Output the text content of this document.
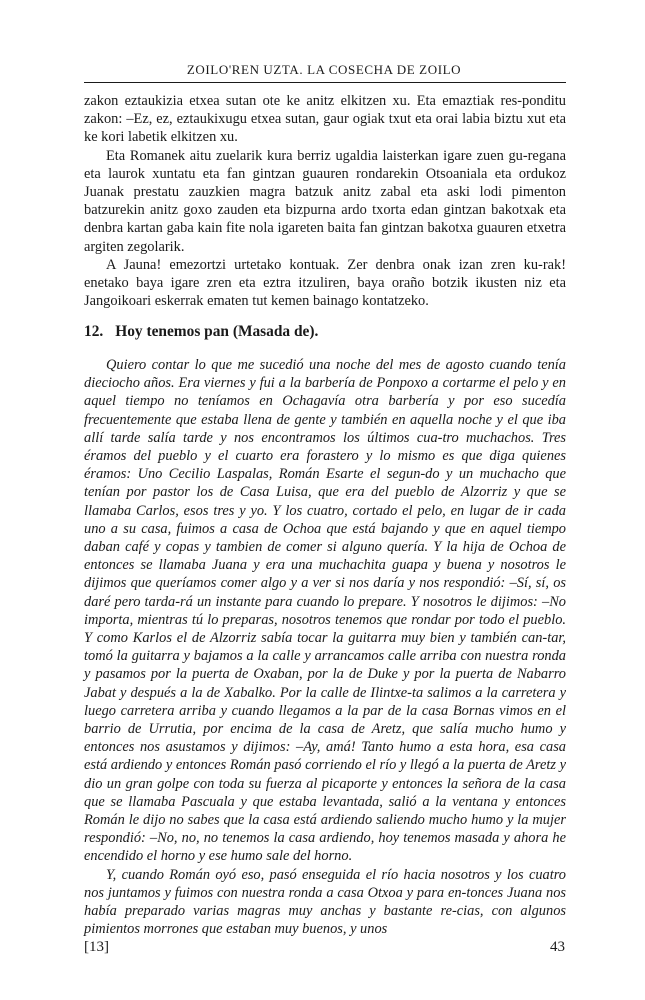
ZOILO'REN UZTA. LA COSECHA DE ZOILO

zakon eztaukizia etxea sutan ote ke anitz elkitzen xu. Eta emaztiak res-ponditu zakon: –Ez, ez, eztaukixugu etxea sutan, gaur ogiak txut eta orai labia biztu xut eta ke kori labetik elkitzen xu.

Eta Romanek aitu zuelarik kura berriz ugaldia laisterkan igare zuen gu-regana eta laurok xuntatu eta fan gintzan guauren rondarekin Otsoaniala eta ordukoz Juanak prestatu zauzkien magra batzuk anitz zabal eta aski lodi pimenton batzurekin anitz goxo zauden eta bizpurna ardo txorta edan gintzan bakotxak eta denbra kartan gaba kain fite nola igareten baita fan gintzan bakotxa guauren etxetra argiten zegolarik.

A Jauna! emezortzi urtetako kontuak. Zer denbra onak izan zren ku-rak! enetako baya igare zren eta eztra itzuliren, baya oraño botzik ikusten niz eta Jangoikoari eskerrak ematen tut kemen bainago kontatzeko.

12. Hoy tenemos pan (Masada de).

Quiero contar lo que me sucedió una noche del mes de agosto cuando tenía dieciocho años. Era viernes y fui a la barbería de Ponpoxo a cortarme el pelo y en aquel tiempo no teníamos en Ochagavía otra barbería y por eso sucedía frecuentemente que estaba llena de gente y también en aquella noche y el que iba allí tarde salía tarde y nos encontramos los últimos cua-tro muchachos. Tres éramos del pueblo y el cuarto era forastero y lo mismo es que diga quienes éramos: Uno Cecilio Laspalas, Román Esarte el segun-do y un muchacho que tenían por pastor los de Casa Luisa, que era del pueblo de Alzorriz y que se llamaba Carlos, esos tres y yo. Y los cuatro, cortado el pelo, en lugar de ir cada uno a su casa, fuimos a casa de Ochoa que está bajando y que en aquel tiempo daban café y copas y tambien de comer si alguno quería. Y la hija de Ochoa de entonces se llamaba Juana y era una muchachita guapa y buena y nosotros le dijimos que queríamos comer algo y a ver si nos daría y nos respondió: –Sí, sí, os daré pero tarda-rá un instante para cuando lo prepare. Y nosotros le dijimos: –No importa, mientras tú lo preparas, nosotros tenemos que rondar por todo el pueblo. Y como Karlos el de Alzorriz sabía tocar la guitarra muy bien y también can-tar, tomó la guitarra y bajamos a la calle y arrancamos calle arriba con nuestra ronda y pasamos por la puerta de Oxaban, por la de Duke y por la puerta de Nabarro Jabat y después a la de Xabalko. Por la calle de Ilintxe-ta salimos a la carretera y luego carretera arriba y cuando llegamos a la par de la casa Bornas vimos en el barrio de Urrutia, por encima de la casa de Aretz, que salía mucho humo y entonces nos asustamos y dijimos: –Ay, amá! Tanto humo a esta hora, esa casa está ardiendo y entonces Román pasó corriendo el río y llegó a la puerta de Aretz y dio un gran golpe con toda su fuerza al picaporte y entonces la señora de la casa que se llamaba Pascuala y que estaba levantada, salió a la ventana y entonces Román le dijo no sabes que la casa está ardiendo saliendo mucho humo y la mujer respondió: –No, no, no tenemos la casa ardiendo, hoy tenemos masada y ahora he encendido el horno y ese humo sale del horno.

Y, cuando Román oyó eso, pasó enseguida el río hacia nosotros y los cuatro nos juntamos y fuimos con nuestra ronda a casa Otxoa y para en-tonces Juana nos había preparado varias magras muy anchas y bastante re-cias, con algunos pimientos morrones que estaban muy buenos, y unos

[13]	43
